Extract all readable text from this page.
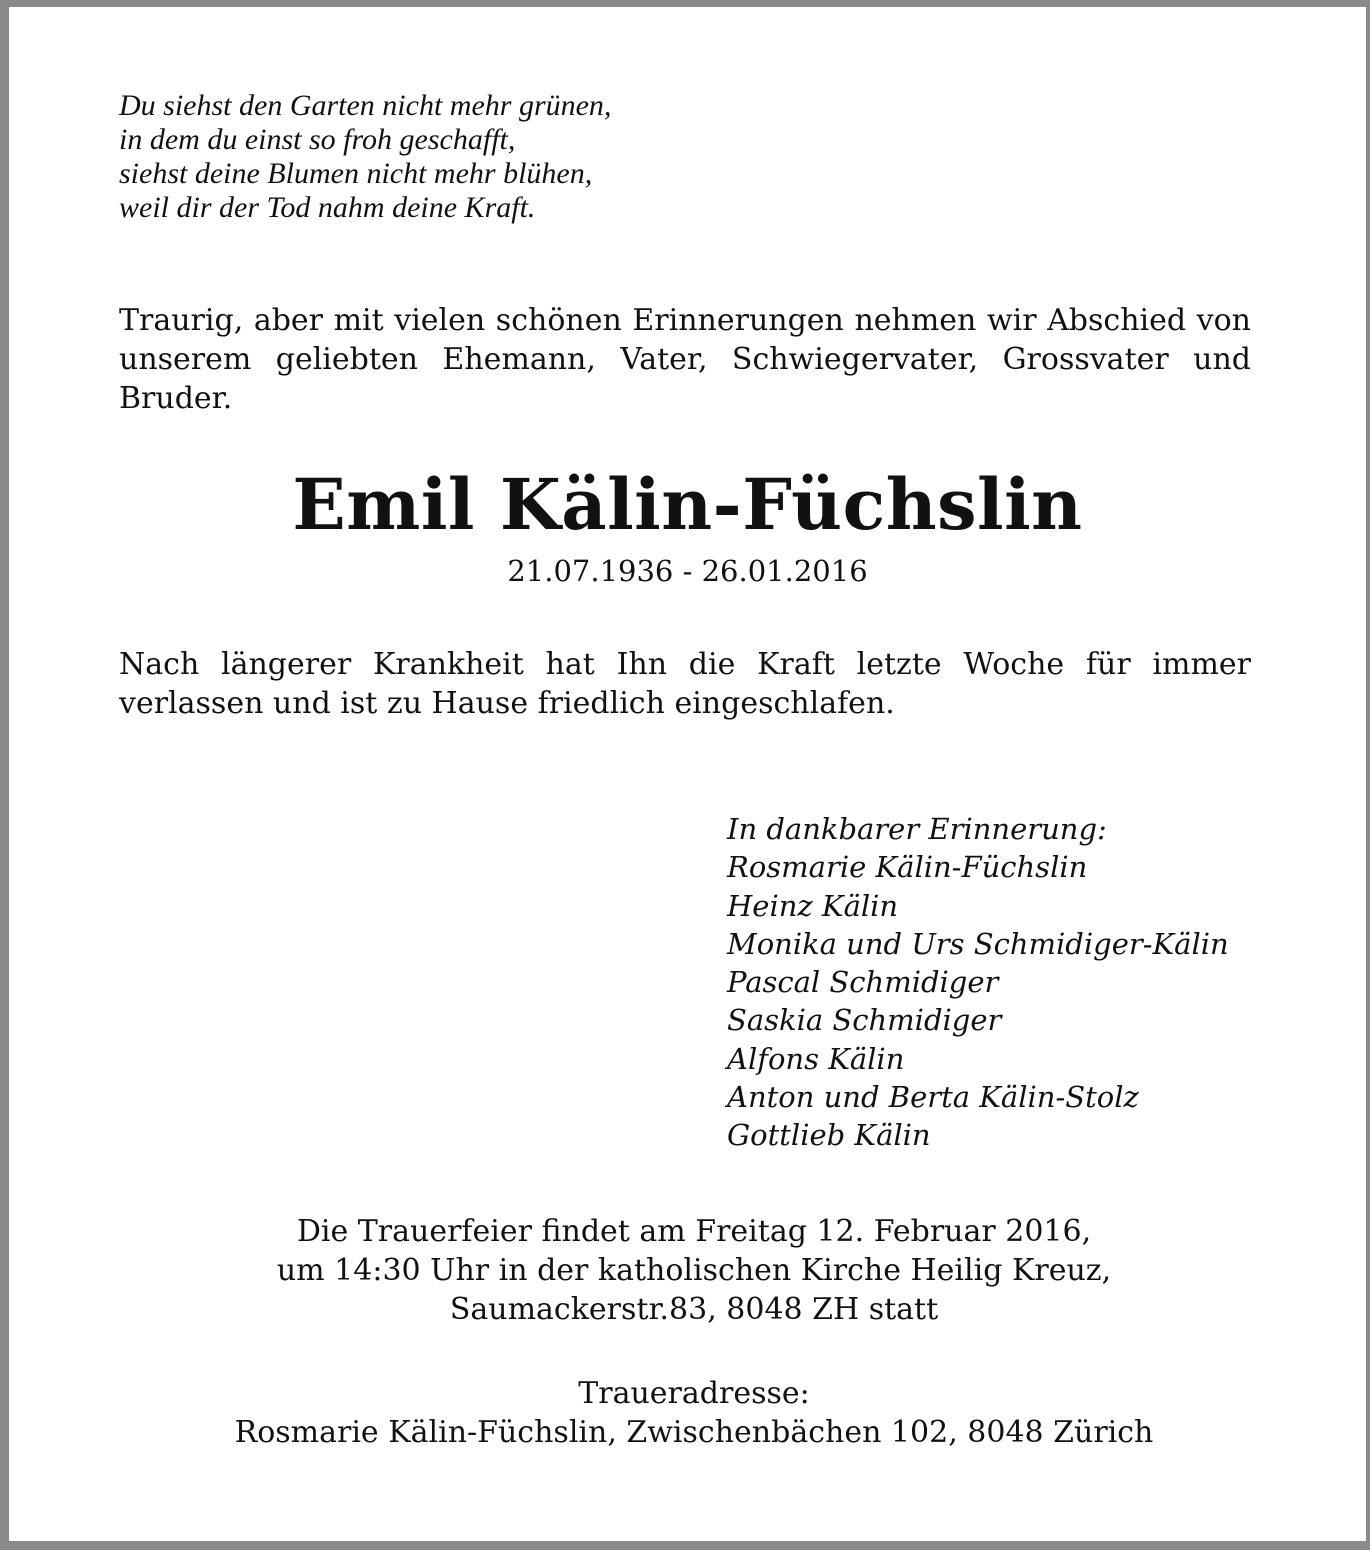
Du siehst den Garten nicht mehr grünen,
in dem du einst so froh geschafft,
siehst deine Blumen nicht mehr blühen,
weil dir der Tod nahm deine Kraft.
Traurig, aber mit vielen schönen Erinnerungen nehmen wir Abschied von unserem geliebten Ehemann, Vater, Schwiegervater, Grossvater und Bruder.
Emil Kälin-Füchslin
21.07.1936 - 26.01.2016
Nach längerer Krankheit hat Ihn die Kraft letzte Woche für immer verlassen und ist zu Hause friedlich eingeschlafen.
In dankbarer Erinnerung:
Rosmarie Kälin-Füchslin
Heinz Kälin
Monika und Urs Schmidiger-Kälin
Pascal Schmidiger
Saskia Schmidiger
Alfons Kälin
Anton und Berta Kälin-Stolz
Gottlieb Kälin
Die Trauerfeier findet am Freitag 12. Februar 2016,
um 14:30 Uhr in der katholischen Kirche Heilig Kreuz,
Saumackerstr.83, 8048 ZH statt
Traueradresse:
Rosmarie Kälin-Füchslin, Zwischenbächen 102, 8048 Zürich
